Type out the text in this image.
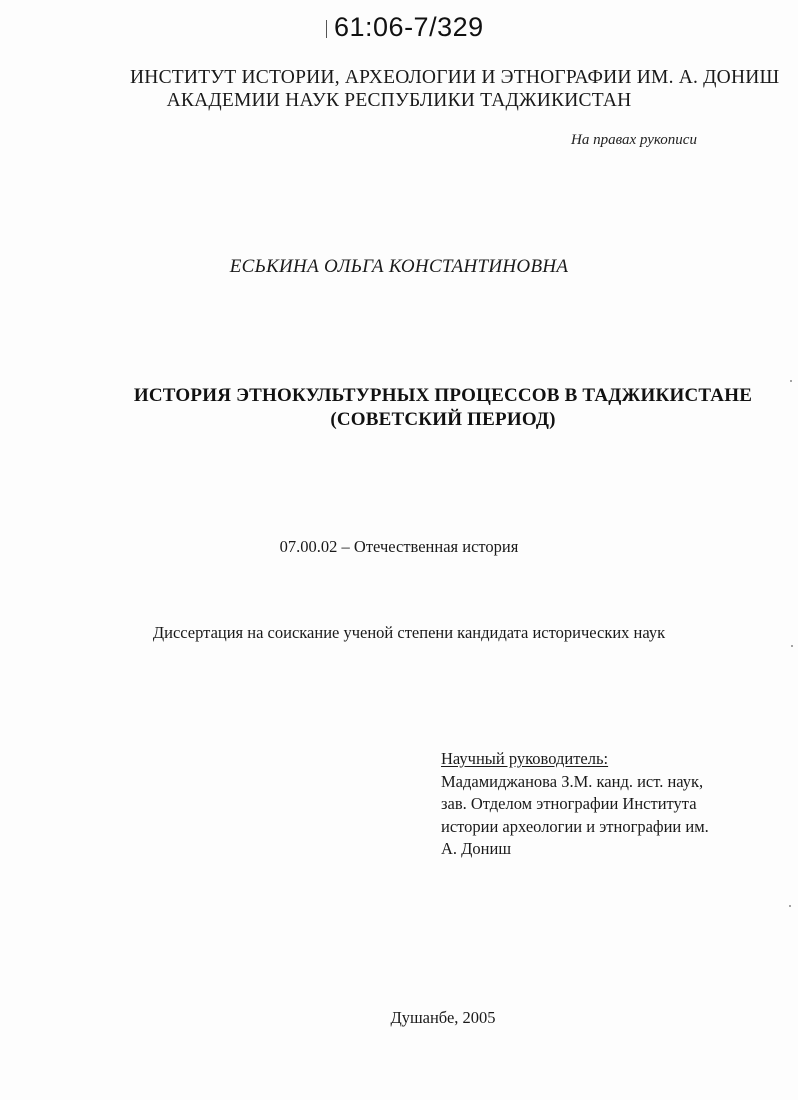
61:06-7/329
ИНСТИТУТ ИСТОРИИ, АРХЕОЛОГИИ И ЭТНОГРАФИИ ИМ. А. ДОНИШ
АКАДЕМИИ НАУК РЕСПУБЛИКИ ТАДЖИКИСТАН
На правах рукописи
ЕСЬКИНА ОЛЬГА КОНСТАНТИНОВНА
ИСТОРИЯ ЭТНОКУЛЬТУРНЫХ ПРОЦЕССОВ В ТАДЖИКИСТАНЕ
(СОВЕТСКИЙ ПЕРИОД)
07.00.02 – Отечественная история
Диссертация на соискание ученой степени кандидата исторических наук
Научный руководитель:
Мадамиджанова З.М. канд. ист. наук,
зав. Отделом этнографии Института
истории археологии и этнографии им.
А. Дониш
Душанбе, 2005
